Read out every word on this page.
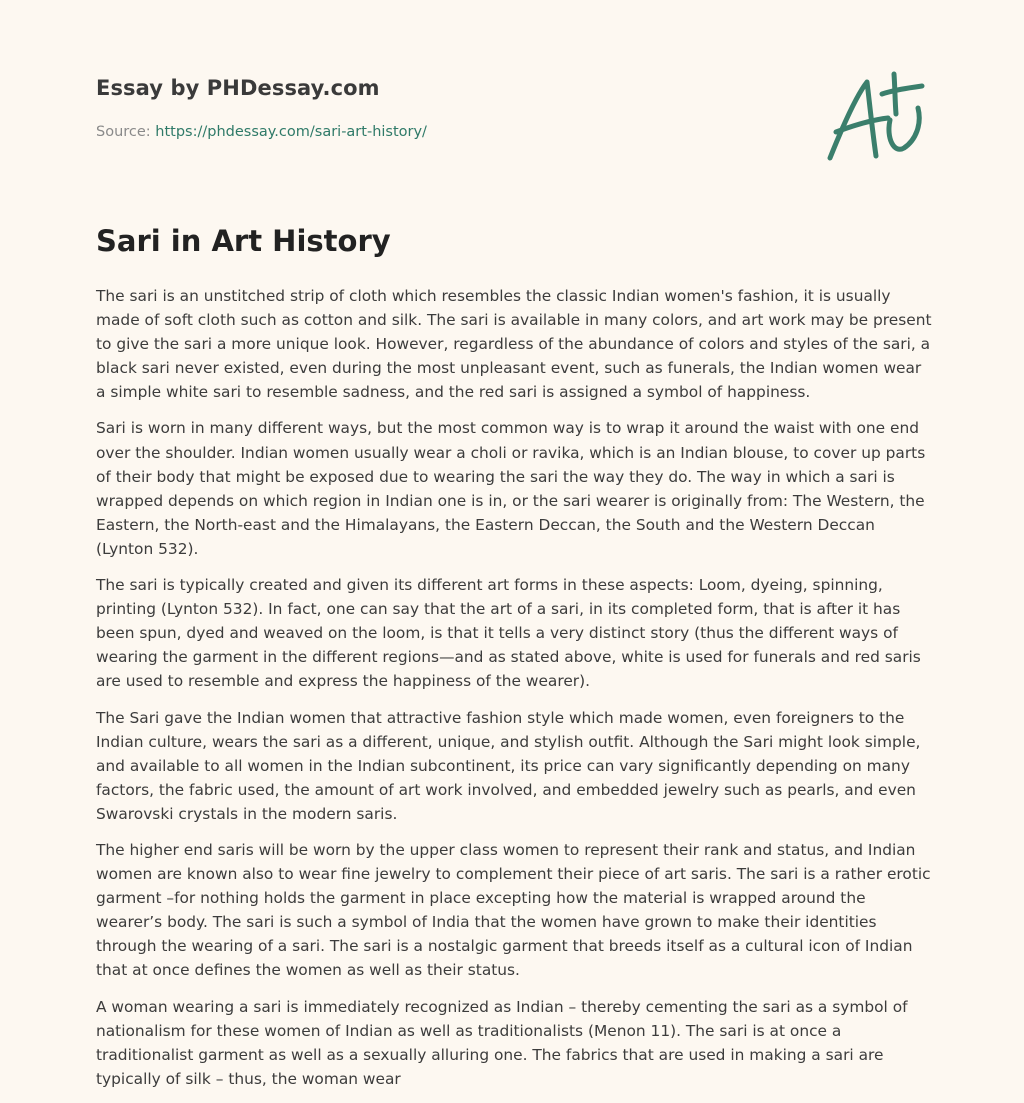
Essay by PHDessay.com
Source: https://phdessay.com/sari-art-history/
Sari in Art History

The sari is an unstitched strip of cloth which resembles the classic Indian women's fashion, it is usually made of soft cloth such as cotton and silk. The sari is available in many colors, and art work may be present to give the sari a more unique look. However, regardless of the abundance of colors and styles of the sari, a black sari never existed, even during the most unpleasant event, such as funerals, the Indian women wear a simple white sari to resemble sadness, and the red sari is assigned a symbol of happiness.

Sari is worn in many different ways, but the most common way is to wrap it around the waist with one end over the shoulder. Indian women usually wear a choli or ravika, which is an Indian blouse, to cover up parts of their body that might be exposed due to wearing the sari the way they do. The way in which a sari is wrapped depends on which region in Indian one is in, or the sari wearer is originally from: The Western, the Eastern, the North-east and the Himalayans, the Eastern Deccan, the South and the Western Deccan (Lynton 532).

The sari is typically created and given its different art forms in these aspects: Loom, dyeing, spinning, printing (Lynton 532). In fact, one can say that the art of a sari, in its completed form, that is after it has been spun, dyed and weaved on the loom, is that it tells a very distinct story (thus the different ways of wearing the garment in the different regions—and as stated above, white is used for funerals and red saris are used to resemble and express the happiness of the wearer).

The Sari gave the Indian women that attractive fashion style which made women, even foreigners to the Indian culture, wears the sari as a different, unique, and stylish outfit. Although the Sari might look simple, and available to all women in the Indian subcontinent, its price can vary significantly depending on many factors, the fabric used, the amount of art work involved, and embedded jewelry such as pearls, and even Swarovski crystals in the modern saris.

The higher end saris will be worn by the upper class women to represent their rank and status, and Indian women are known also to wear fine jewelry to complement their piece of art saris. The sari is a rather erotic garment –for nothing holds the garment in place excepting how the material is wrapped around the wearer’s body. The sari is such a symbol of India that the women have grown to make their identities through the wearing of a sari. The sari is a nostalgic garment that breeds itself as a cultural icon of Indian that at once defines the women as well as their status.

A woman wearing a sari is immediately recognized as Indian – thereby cementing the sari as a symbol of nationalism for these women of Indian as well as traditionalists (Menon 11). The sari is at once a traditionalist garment as well as a sexually alluring one. The fabrics that are used in making a sari are typically of silk – thus, the woman wear
